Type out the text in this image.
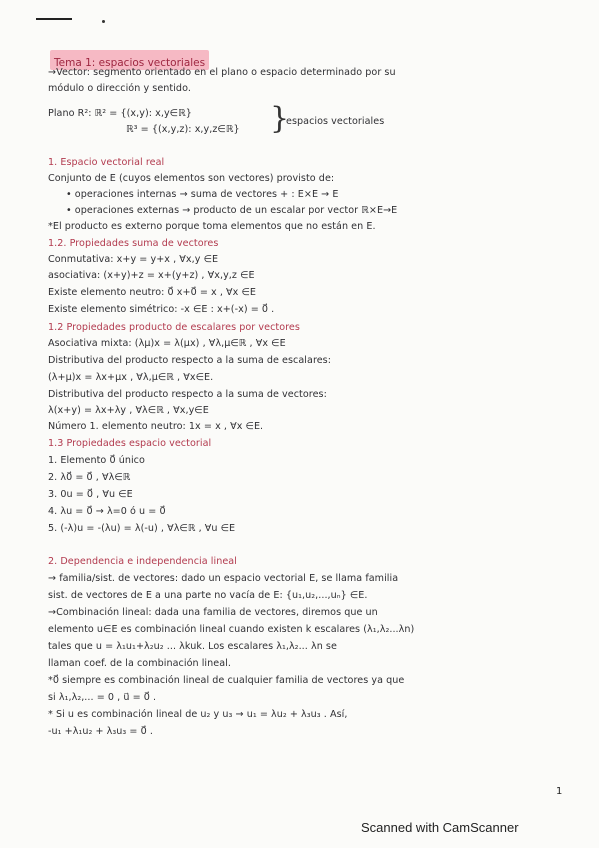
Tema 1: espacios vectoriales
→Vector: segmento orientado en el plano o espacio determinado por su
módulo o dirección y sentido.
Plano R²: ℝ² = {(x,y): x,y∈ℝ}
ℝ³ = {(x,y,z): x,y,z∈ℝ} }
espacios vectoriales
1. Espacio vectorial real
Conjunto de E (cuyos elementos son vectores) provisto de:
• operaciones internas → suma de vectores + : E×E → E
• operaciones externas → producto de un escalar por vector ℝ×E→E
*El producto es externo porque toma elementos que no están en E.
1.2. Propiedades suma de vectores
Conmutativa: x+y = y+x , ∀x,y ∈E
asociativa: (x+y)+z = x+(y+z) , ∀x,y,z ∈E
Existe elemento neutro: 0⃗ x+0⃗ = x , ∀x ∈E
Existe elemento simétrico: -x ∈E : x+(-x) = 0⃗ .
1.2 Propiedades producto de escalares por vectores
Asociativa mixta: (λμ)x = λ(μx) , ∀λ,μ∈ℝ , ∀x ∈E
Distributiva del producto respecto a la suma de escalares:
(λ+μ)x = λx+μx , ∀λ,μ∈ℝ , ∀x∈E.
Distributiva del producto respecto a la suma de vectores:
λ(x+y) = λx+λy , ∀λ∈ℝ , ∀x,y∈E
Número 1. elemento neutro: 1x = x , ∀x ∈E.
1.3 Propiedades espacio vectorial
1. Elemento 0⃗ único
2. λ0⃗ = 0⃗ , ∀λ∈ℝ
3. 0u = 0⃗ , ∀u ∈E
4. λu = 0⃗ → λ=0 ó u = 0⃗
5. (-λ)u = -(λu) = λ(-u) , ∀λ∈ℝ , ∀u ∈E
2. Dependencia e independencia lineal
→ familia/sist. de vectores: dado un espacio vectorial E, se llama familia
sist. de vectores de E a una parte no vacía de E: {u₁,u₂,...,uₙ} ∈E.
→Combinación lineal: dada una familia de vectores, diremos que un
elemento u∈E es combinación lineal cuando existen k escalares (λ₁,λ₂...λn)
tales que u = λ₁u₁+λ₂u₂ ... λkuk. Los escalares λ₁,λ₂... λn se
llaman coef. de la combinación lineal.
*0⃗ siempre es combinación lineal de cualquier familia de vectores ya que
si λ₁,λ₂,... = 0 , u⃗ = 0⃗ .
* Si u es combinación lineal de u₂ y u₃ → u₁ = λu₂ + λ₃u₃ . Así,
-u₁ +λ₁u₂ + λ₃u₃ = 0⃗ .
1
Scanned with CamScanner
